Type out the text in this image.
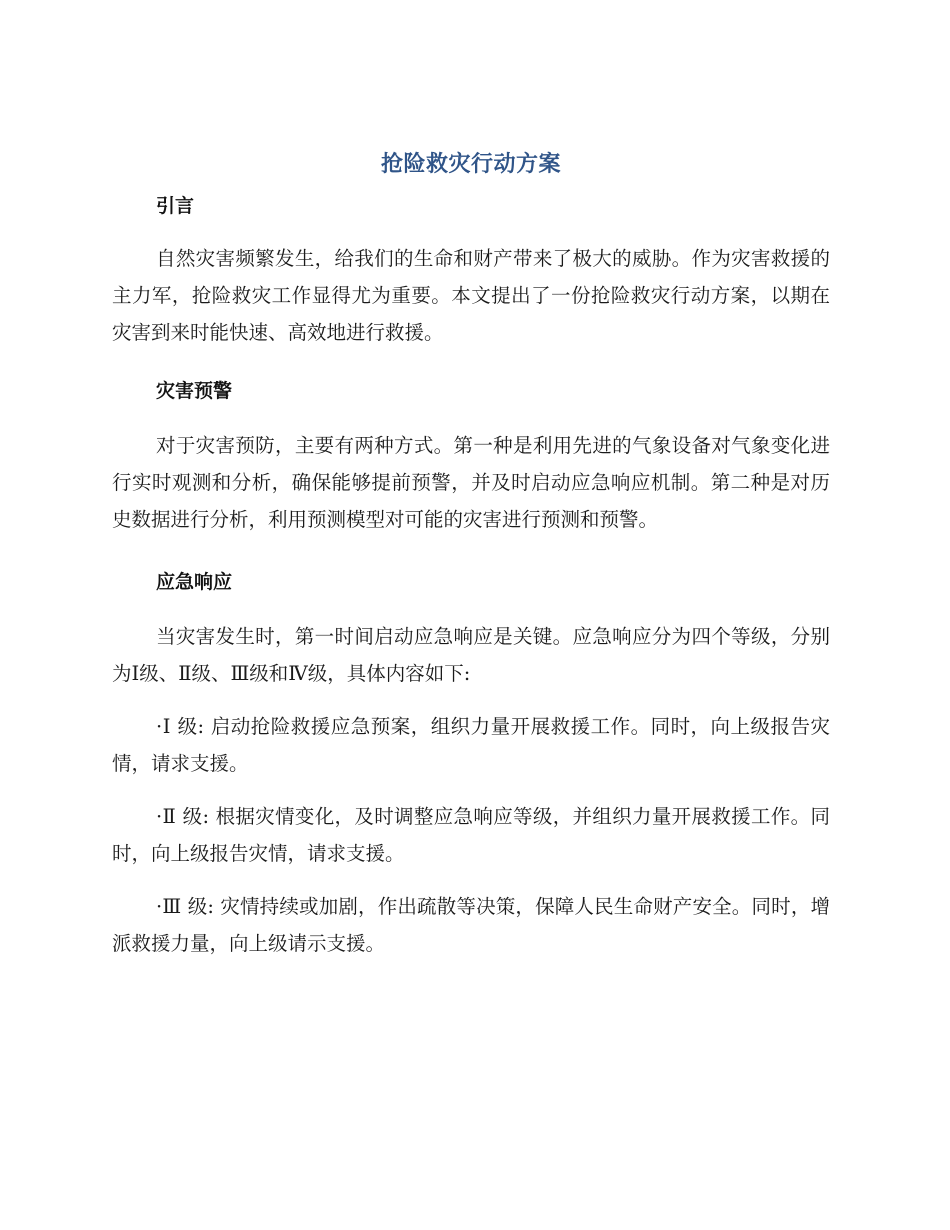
抢险救灾行动方案
引言

自然灾害频繁发生，给我们的生命和财产带来了极大的威胁。作为灾害救援的主力军，抢险救灾工作显得尤为重要。本文提出了一份抢险救灾行动方案，以期在灾害到来时能快速、高效地进行救援。

灾害预警

对于灾害预防，主要有两种方式。第一种是利用先进的气象设备对气象变化进行实时观测和分析，确保能够提前预警，并及时启动应急响应机制。第二种是对历史数据进行分析，利用预测模型对可能的灾害进行预测和预警。

应急响应

当灾害发生时，第一时间启动应急响应是关键。应急响应分为四个等级，分别为Ⅰ级、Ⅱ级、Ⅲ级和Ⅳ级，具体内容如下:

·Ⅰ 级: 启动抢险救援应急预案，组织力量开展救援工作。同时，向上级报告灾情，请求支援。

·Ⅱ 级: 根据灾情变化，及时调整应急响应等级，并组织力量开展救援工作。同时，向上级报告灾情，请求支援。

·Ⅲ 级: 灾情持续或加剧，作出疏散等决策，保障人民生命财产安全。同时，增派救援力量，向上级请示支援。
